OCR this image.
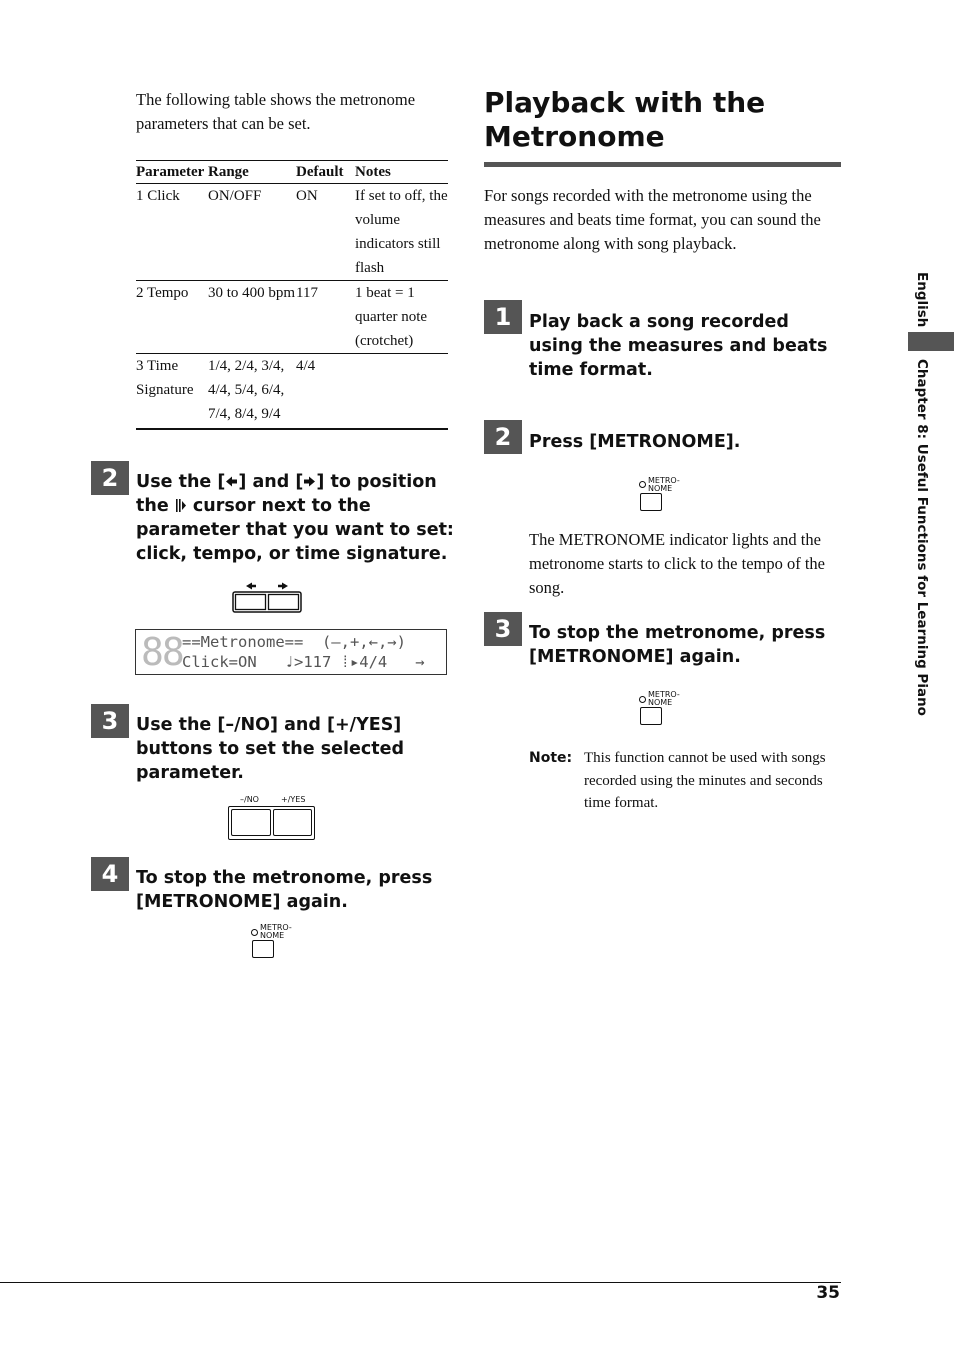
The following table shows the metronome parameters that can be set.
Parameter	Range	Default	Notes
1 Click	ON/OFF	ON	If set to off, the volume indicators still flash
2 Tempo	30 to 400 bpm	117	1 beat = 1 quarter note (crotchet)
3 Time Signature	1/4, 2/4, 3/4, 4/4, 5/4, 6/4, 7/4, 8/4, 9/4	4/4	
2	Use the [ ] and [ ] to position the  cursor next to the parameter that you want to set: click, tempo, or time signature.
88 ==Metronome==  (–,+,←,→)
Click=ON   ♩>117 ⁞▸4/4   →
3	Use the [–/NO] and [+/YES] buttons to set the selected parameter.
–/NO	+/YES
4	To stop the metronome, press [METRONOME] again.
METRO-
NOME
Playback with the Metronome
For songs recorded with the metronome using the measures and beats time format, you can sound the metronome along with song playback.
1	Play back a song recorded using the measures and beats time format.
2	Press [METRONOME].
METRO-
NOME
The METRONOME indicator lights and the metronome starts to click to the tempo of the song.
3	To stop the metronome, press [METRONOME] again.
METRO-
NOME
Note: This function cannot be used with songs recorded using the minutes and seconds time format.
English
Chapter 8: Useful Functions for Learning Piano
35
